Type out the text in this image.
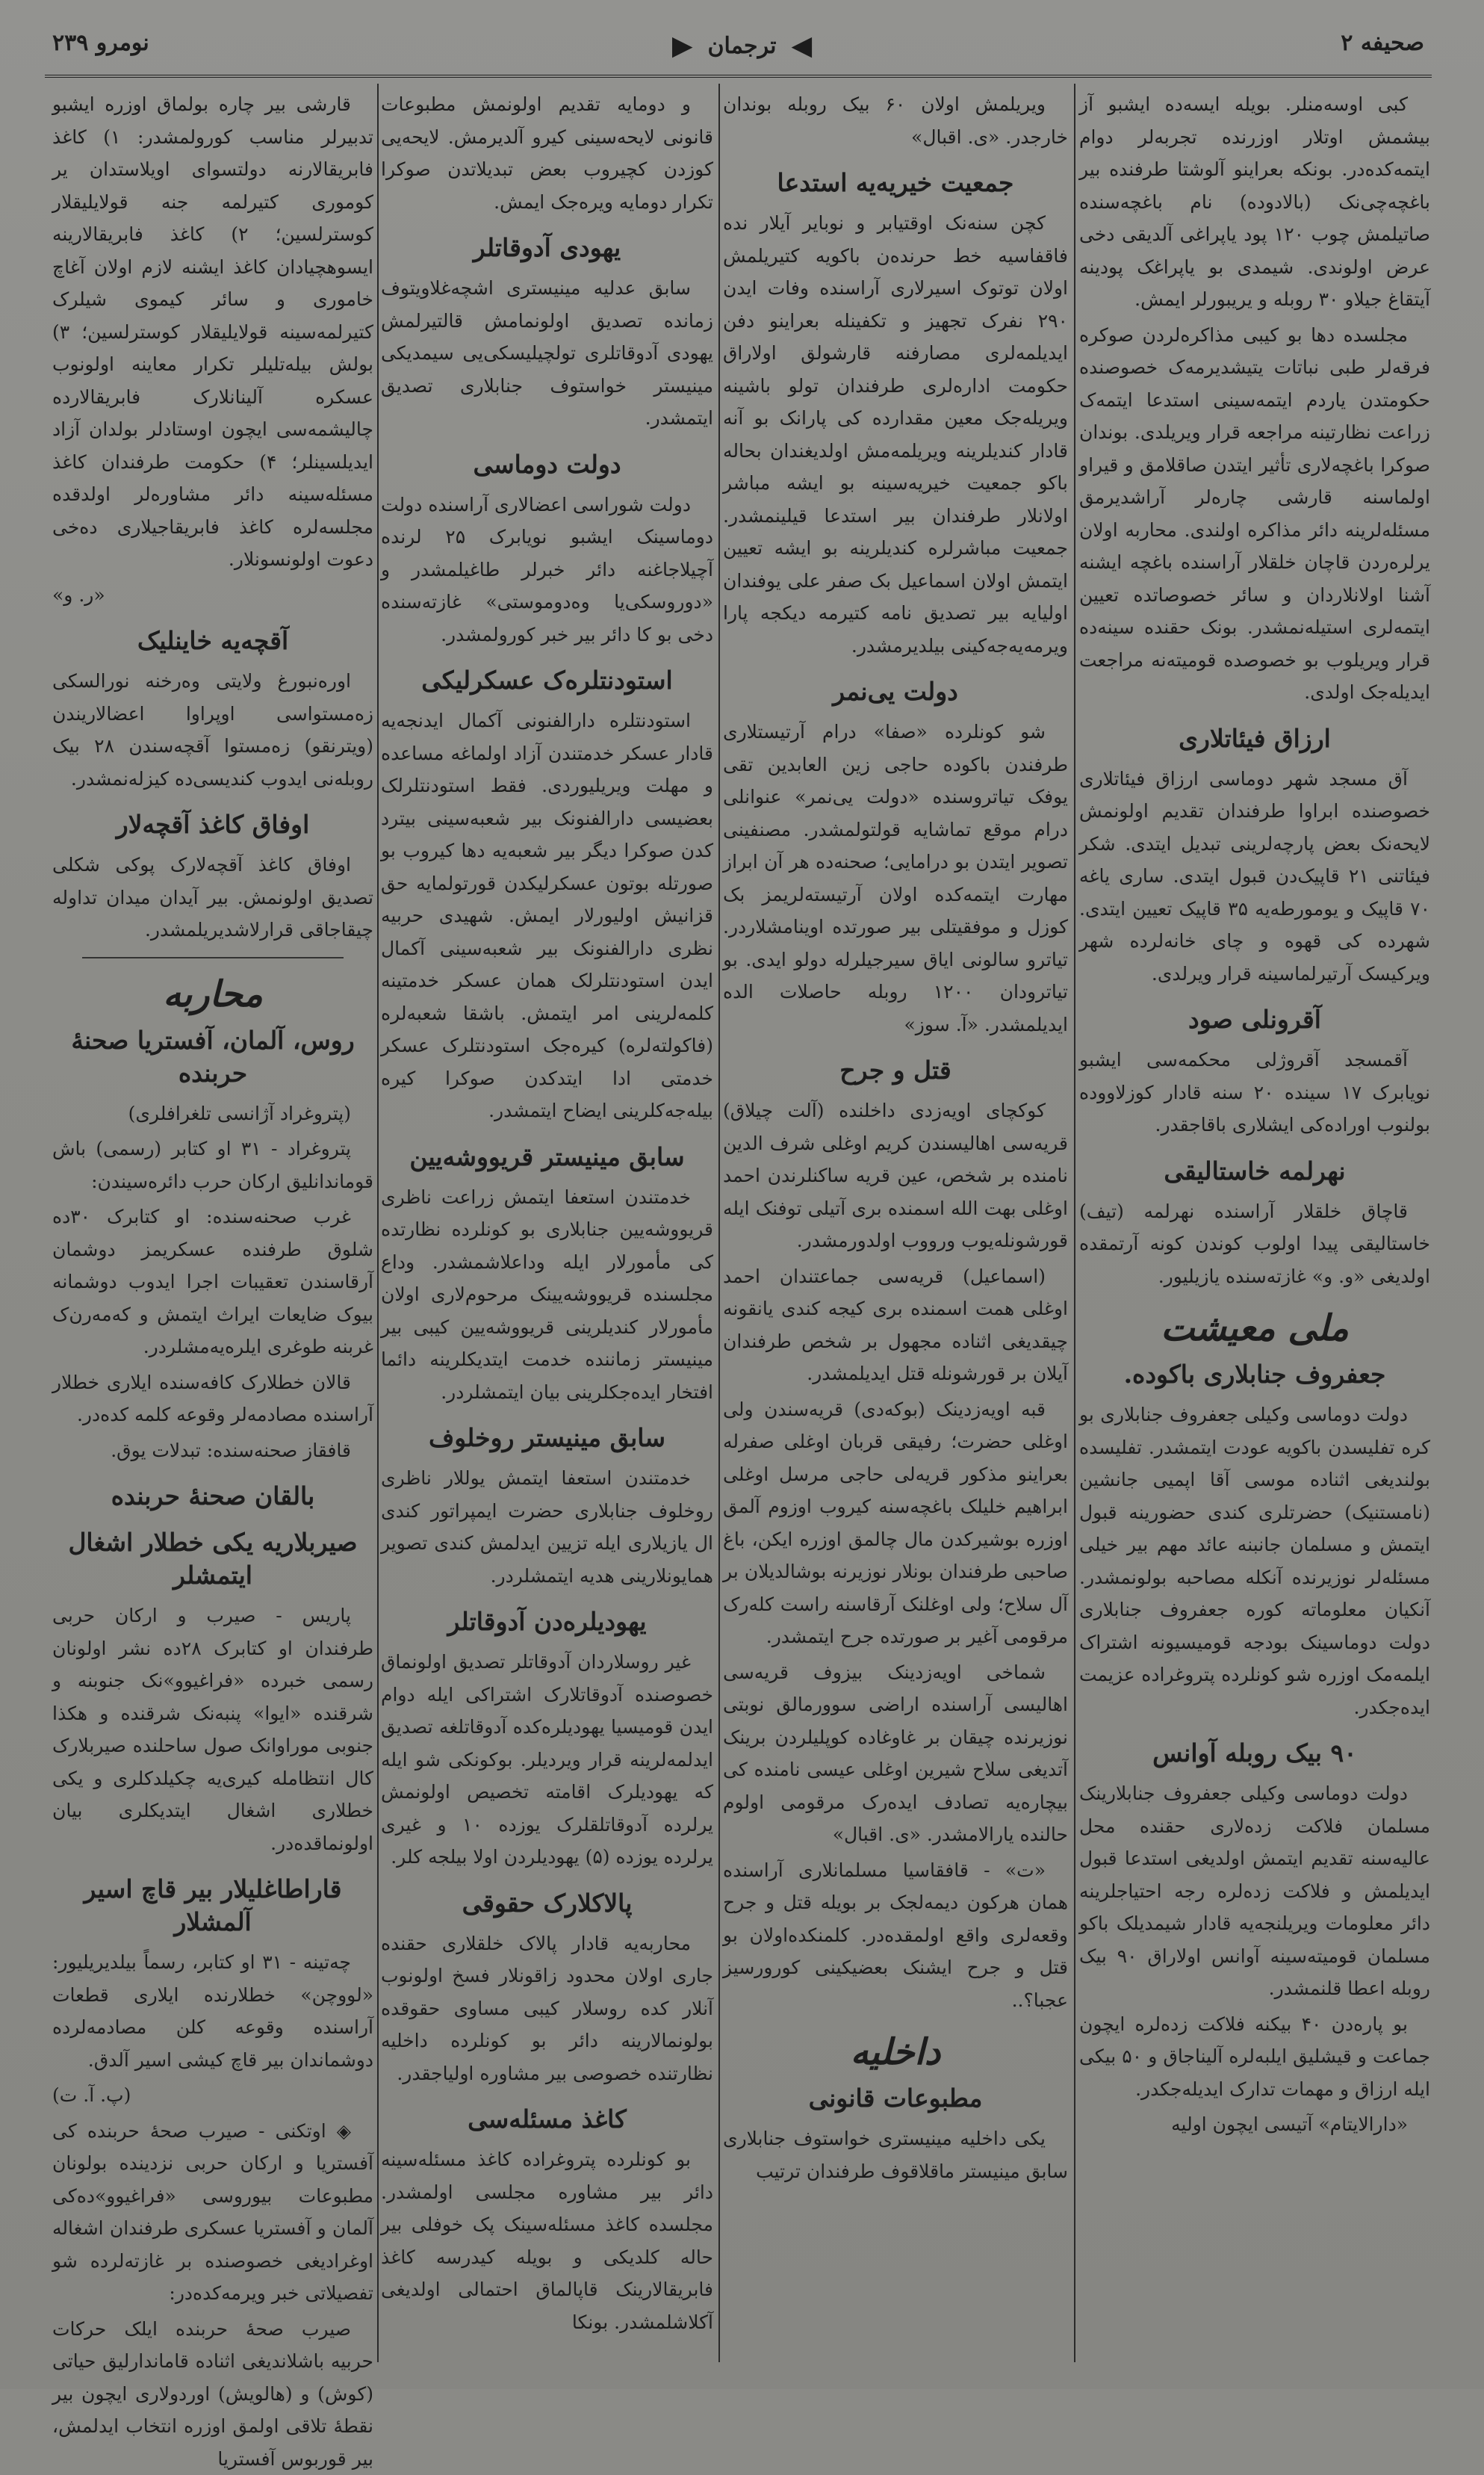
صحیفه ۲
◀
ترجمان
▶
نومرو ۲۳۹

کبی اوسه‌منلر. بویله ایسه‌ده ایشبو آز بیشمش اوتلار اوزرنده تجربه‌لر دوام ایتمه‌کده‌در. بونکه بعراینو آلوشتا طرفنده بیر باغچه‌چی‌نک (بالادوده) نام باغچه‌سنده صاتیلمش چوب ۱۲۰ پود یاپراغی آلدیقی دخی عرض اولوندی. شیمدی بو یاپراغک پودینه آیتقاغ جیلاو ۳۰ روبله و یریبورلر ایمش.

مجلسده دها بو کیبی مذاکره‌لردن صوکره فرقه‌لر طبی نباتات یتیشدیرمه‌ک خصوصنده حکومتدن یاردم ایتمه‌سینی استدعا ایتمه‌ک زراعت نظارتینه مراجعه قرار ویریلدی. بوندان صوکرا باغچه‌لاری تأثیر ایتدن صاقلامق و قیراو اولماسنه قارشی چاره‌لر آراشدیرمق مسئله‌لرینه دائر مذاکره اولندی. محاربه اولان یرلره‌ردن قاچان خلقلار آراسنده باغچه ایشنه آشنا اولانلاردان و سائر خصوصاتده تعیین ایتمه‌لری استیله‌نمشدر. بونک حقنده سینه‌ده قرار ویریلوب بو خصوصده قومیته‌نه مراجعت ایدیله‌جک اولدی.

ارزاق فیئاتلاری

آق مسجد شهر دوماسی ارزاق فیئاتلاری خصوصنده ابراوا طرفندان تقدیم اولونمش لایحه‌نک بعض پارچه‌لرینی تبدیل ایتدی. شکر فیئاتنی ۲۱ قاپیک‌دن قبول ایتدی. ساری یاغه ۷۰ قاپیک و یومورطه‌یه ۳۵ قاپیک تعیین ایتدی. شهرده کی قهوه و چای خانه‌لرده شهر ویرکیسک آرتیرلماسینه قرار ویرلدی.

آقرونلی صود

آقمسجد آقروژلی محکمه‌سی ایشبو نویابرک ۱۷ سینده ۲۰ سنه قادار کوزلاووده بولنوب اوراده‌کی ایشلاری باقاجقدر.

نهرلمه خاستالیقی

قاچاق خلقلار آراسنده نهرلمه (تیف) خاستالیقی پیدا اولوب کوندن کونه آرتمقده اولدیغی «و. و» غازته‌سنده یازیلیور.

ملی معیشت
جعفروف جنابلاری باکوده.

دولت دوماسی وکیلی جعفروف جنابلاری بو کره تفلیسدن باکویه عودت ایتمشدر. تفلیسده بولندیغی اثناده موسی آقا اپمیی جانشین (نامستنیک) حضرتلری کندی حضورینه قبول ایتمش و مسلمان جانبنه عائد مهم بیر خیلی مسئله‌لر نوزیرنده آنکله مصاحبه بولونمشدر. آنکیان معلوماته کوره جعفروف جنابلاری دولت دوماسینک بودجه قومیسیونه اشتراک ایلمه‌مک اوزره شو کونلرده پتروغراده عزیمت ایده‌جکدر.

۹۰ بیک روبله آوانس

دولت دوماسی وکیلی جعفروف جنابلارینک مسلمان فلاکت زده‌لاری حقنده محل عالیه‌سنه تقدیم ایتمش اولدیغی استدعا قبول ایدیلمش و فلاکت زده‌لره رجه احتیاجلرینه دائر معلومات ویریلنجه‌یه قادار شیمدیلک باکو مسلمان قومیته‌سینه آوانس اولاراق ۹۰ بیک روبله اعطا قلنمشدر.

بو پاره‌دن ۴۰ بیکنه فلاکت زده‌لره ایچون جماعت و قیشلیق ایلبه‌لره آلیناجاق و ۵۰ بیکی ایله ارزاق و مهمات تدارک ایدیله‌جکدر.

«دارالایتام» آتیسی ایچون اولیه

ویریلمش اولان ۶۰ بیک روبله بوندان خارجدر. «ی. اقبال»

جمعیت خیریه‌یه استدعا

کچن سنه‌نک اوقتیابر و نوبایر آیلار نده فاقفاسیه خط حرنده‌ن باکویه کتیریلمش اولان توتوک اسیرلاری آراسنده وفات ایدن ۲۹۰ نفرک تجهیز و تکفینله بعراینو دفن ایدیلمه‌لری مصارفنه قارشولق اولاراق حکومت اداره‌لری طرفندان تولو باشینه ویریله‌جک معین مقدارده کی پارانک بو آنه قادار کندیلرینه ویریلمه‌مش اولدیغندان بحاله باکو جمعیت خیریه‌سینه بو ایشه مباشر اولانلار طرفندان بیر استدعا قیلینمشدر. جمعیت مباشرلره کندیلرینه بو ایشه تعیین ایتمش اولان اسماعیل بک صفر علی یوفندان اولیایه بیر تصدیق نامه کتیرمه دیکجه پارا ویرمه‌یه‌جه‌کینی بیلدیرمشدر.

دولت یی‌نمر

شو کونلرده «صفا» درام آرتیستلاری طرفندن باکوده حاجی زین العابدین تقی یوفک تیاتروسنده «دولت یی‌نمر» عنوانلی درام موقع تماشایه قولتولمشدر. مصنفینی تصویر ایتدن بو درامایی؛ صحنه‌ده هر آن ابراز مهارت ایتمه‌کده اولان آرتیسته‌لریمز بک کوزل و موفقیتلی بیر صورتده اوینامشلاردر. تیاترو سالونی ایاق سیرجیلرله دولو ایدی. بو تیاترودان ۱۲۰۰ روبله حاصلات الده ایدیلمشدر. «آ. سوز»

قتل و جرح

کوکچای اویه‌زدی داخلنده (آلت چیلاق) قریه‌سی اهالیسندن کریم اوغلی شرف الدین نامنده بر شخص، عین قریه ساکنلرندن احمد اوغلی بهت الله اسمنده بری آتیلی توفنک ایله قورشونله‌یوب ورووب اولدورمشدر.

(اسماعیل) قریه‌سی جماعتندان احمد اوغلی همت اسمنده بری کیجه کندی یانقونه چیقدیغی اثناده مجهول بر شخص طرفندان آیلان بر قورشونله قتل ایدیلمشدر.

قبه اویه‌زدینک (بوکه‌دی) قریه‌سندن ولی اوغلی حضرت؛ رفیقی قربان اوغلی صفرله بعراینو مذکور قریه‌لی حاجی مرسل اوغلی ابراهیم خلیلک باغچه‌سنه کیروب اوزوم آلمق اوزره بوشیرکدن مال چالمق اوزره ایکن، باغ صاحبی طرفندان بونلار نوزیرنه بوشالدیلان بر آل سلاح؛ ولی اوغلنک آرقاسنه راست کله‌رک مرقومی آغیر بر صورتده جرح ایتمشدر.

شماخی اویه‌زدینک بیزوف قریه‌سی اهالیسی آراسنده اراضی سوورمالق نوبتی نوزیرنده چیقان بر غاوغاده کوپلیلردن برینک آتدیغی سلاح شیرین اوغلی عیسی نامنده کی بیچاره‌یه تصادف ایده‌رک مرقومی اولوم حالنده یارالامشدر. «ی. اقبال»

«ت» - قافقاسیا مسلمانلاری آراسنده همان هرکون دیمه‌لجک بر بویله قتل و جرح وقعه‌لری واقع اولمقده‌در. کلمنکده‌اولان بو قتل و جرح ایشنک بعضیکینی کورورسیز عجبا؟..

داخلیه
مطبوعات قانونی

یکی داخلیه مینیستری خواستوف جنابلاری سابق مینیستر ماقلاقوف طرفندان ترتیب

و دومایه تقدیم اولونمش مطبوعات قانونی لایحه‌سینی کیرو آلدیرمش. لایحه‌یی کوزدن کچیروب بعض تبدیلاتدن صوکرا تکرار دومایه ویره‌جک ایمش.

یهودی آدوقاتلر

سابق عدلیه مینیستری اشچه‌غلاویتوف زمانده تصدیق اولونمامش قالتیرلمش یهودی آدوقاتلری تولچیلیسکی‌یی سیمدیکی مینیستر خواستوف جنابلاری تصدیق ایتمشدر.

دولت دوماسی

دولت شوراسی اعضالاری آراسنده دولت دوماسینک ایشبو نویابرک ۲۵ لرنده آچیلاجاغنه دائر خبرلر طاغیلمشدر و «دوروسکی‌یا وه‌دوموستی» غازته‌سنده دخی بو کا دائر بیر خبر کورولمشدر.

استودنتلره‌ک عسکرلیکی

استودنتلره دارالفنونی آکمال ایدنجه‌یه قادار عسکر خدمتندن آزاد اولماغه مساعده و مهلت ویریلیوردی. فقط استودنتلرلک بعضیسی دارالفنونک بیر شعبه‌سینی بیترد کدن صوکرا دیگر بیر شعبه‌یه دها کیروب بو صورتله بوتون عسکرلیکدن قورتولمایه حق قزانیش اولیورلار ایمش. شهیدی حربیه نظری دارالفنونک بیر شعبه‌سینی آکمال ایدن استودنتلرلک همان عسکر خدمتینه کلمه‌لرینی امر ایتمش. باشقا شعبه‌لره (فاکولته‌لره) کیره‌جک استودنتلرک عسکر خدمتی ادا ایتدکدن صوکرا کیره بیله‌جه‌کلرینی ایضاح ایتمشدر.

سابق مینیستر قریووشه‌یین

خدمتندن استعفا ایتمش زراعت ناظری قریووشه‌یین جنابلاری بو کونلرده نظارتده کی مأمورلار ایله وداعلاشمشدر. وداع مجلسنده قریووشه‌یینک مرحوم‌لاری اولان مأمورلار کندیلرینی قریووشه‌یین کیبی بیر مینیستر زماننده خدمت ایتدیکلرینه دائما افتخار ایده‌جکلرینی بیان ایتمشلردر.

سابق مینیستر روخلوف

خدمتندن استعفا ایتمش یوللار ناظری روخلوف جنابلاری حضرت ایمپراتور کندی ال یازیلاری ایله تزیین ایدلمش کندی تصویر همایونلارینی هدیه ایتمشلردر.

یهودیلره‌دن آدوقاتلر

غیر روسلاردان آدوقاتلر تصدیق اولونماق خصوصنده آدوقاتلارک اشتراکی ایله دوام ایدن قومیسیا یهودیلره‌کده آدوقاتلغه تصدیق ایدلمه‌لرینه قرار ویردیلر. بوکونکی شو ایله که یهودیلرک اقامته تخصیص اولونمش یرلرده آدوقاتلقلرک یوزده ۱۰ و غیری یرلرده یوزده (۵) یهودیلردن اولا بیلجه کلر.

پالاکلارک حقوقی

محاربه‌یه قادار پالاک خلقلاری حقنده جاری اولان محدود زاقونلار فسخ اولونوب آنلار کده روسلار کیبی مساوی حقوقده بولونمالارینه دائر بو کونلرده داخلیه نظارتنده خصوصی بیر مشاوره اولیاجقدر.

کاغذ مسئله‌سی

بو کونلرده پتروغراده کاغذ مسئله‌سینه دائر بیر مشاوره مجلسی اولمشدر. مجلسده کاغذ مسئله‌سینک پک خوفلی بیر حاله کلدیکی و بویله کیدرسه کاغذ فابریقالارینک قاپالماق احتمالی اولدیغی آکلاشلمشدر. بونکا

قارشی بیر چاره بولماق اوزره ایشبو تدبیرلر مناسب کورولمشدر: ۱) کاغذ فابریقالارنه دولتسوای اویلاستدان یر کوموری کتیرلمه جنه قولایلیقلار کوسترلسین؛ ۲) کاغذ فابریقالارینه ایسوهچیادان کاغذ ایشنه لازم اولان آغاچ خاموری و سائر کیموی شیلرک کتیرلمه‌سینه قولایلیقلار کوسترلسین؛ ۳) بولش بیله‌تلیلر تکرار معاینه اولونوب عسکره آلینانلارک فابریقالارده چالیشمه‌سی ایچون اوستادلر بولدان آزاد ایدیلسینلر؛ ۴) حکومت طرفندان کاغذ مسئله‌سینه دائر مشاوره‌لر اولدقده مجلسه‌لره کاغذ فابریقاجیلاری ده‌خی دعوت اولونسونلار.

«ر. و»

آقچه‌یه خاینلیک

اوره‌نبورغ ولایتی وه‌رخنه نورالسکی زه‌مستواسی اوپراوا اعضالاریندن (ویترنقو) زه‌مستوا آقچه‌سندن ۲۸ بیک روبله‌نی ایدوب کندیسی‌ده کیزله‌نمشدر.

اوفاق کاغذ آقچه‌لار

اوفاق کاغذ آقچه‌لارک پوکی شکلی تصدیق اولونمش. بیر آیدان میدان تداوله چیقاجاقی قرارلاشدیریلمشدر.

محاربه
روس، آلمان، آفستریا صحنهٔ حربنده

(پتروغراد آژانسی تلغرافلری)

پتروغراد - ۳۱ او کتابر (رسمی) باش قوماندانلیق ارکان حرب دائره‌سیندن:

غرب صحنه‌سنده: او کتابرک ۳۰ده شلوق طرفنده عسکریمز دوشمان آرقاسندن تعقیبات اجرا ایدوب دوشمانه بیوک ضایعات ایراث ایتمش و که‌مه‌رن‌ک غربنه طوغری ایلره‌یه‌مشلردر.

قالان خطلارک کافه‌سنده ایلاری خطلار آراسنده مصادمه‌لر وقوعه کلمه کده‌در.

قافقاز صحنه‌سنده: تبدلات یوق.

بالقان صحنهٔ حربنده
صیربلاریه یکی خطلار اشغال ایتمشلر

پاریس - صیرب و ارکان حربی طرفندان او کتابرک ۲۸ده نشر اولونان رسمی خبرده «فراغیوو»نک جنوبنه و شرقنده «ایوا» پنبه‌نک شرقنده و هکذا جنوبی موراوانک صول ساحلنده صیربلارک کال انتظامله کیری‌یه چکیلدکلری و یکی خطلاری اشغال ایتدیکلری بیان اولونماقده‌در.

قاراطاغلیلار بیر قاچ اسیر آلمشلار

چه‌تینه - ۳۱ او کتابر، رسماً بیلدیریلیور: «لوو‌چن» خطلارنده ایلاری قطعات آراسنده وقوعه کلن مصادمه‌لرده دوشماندان بیر قاچ کیشی اسیر آلدق.

(پ. آ. ت)

◈ اوتکنی - صیرب صحهٔ حربنده کی آفستریا و ارکان حربی نزدینده بولونان مطبوعات بیوروسی «فراغیوو»ده‌کی آلمان و آفستریا عسکری طرفندان اشغاله اوغرادیغی خصوصنده بر غازته‌لرده شو تفصیلاتی خبر ویرمه‌کده‌در:

صیرب صحهٔ حربنده ایلک حرکات حربیه باشلاندیغی اثناده قاماندارلیق حیاتی (کوش) و (هالویش) اوردولاری ایچون بیر نقطهٔ تلاقی اولمق اوزره انتخاب ایدلمش، بیر قوربوس آفستریا
